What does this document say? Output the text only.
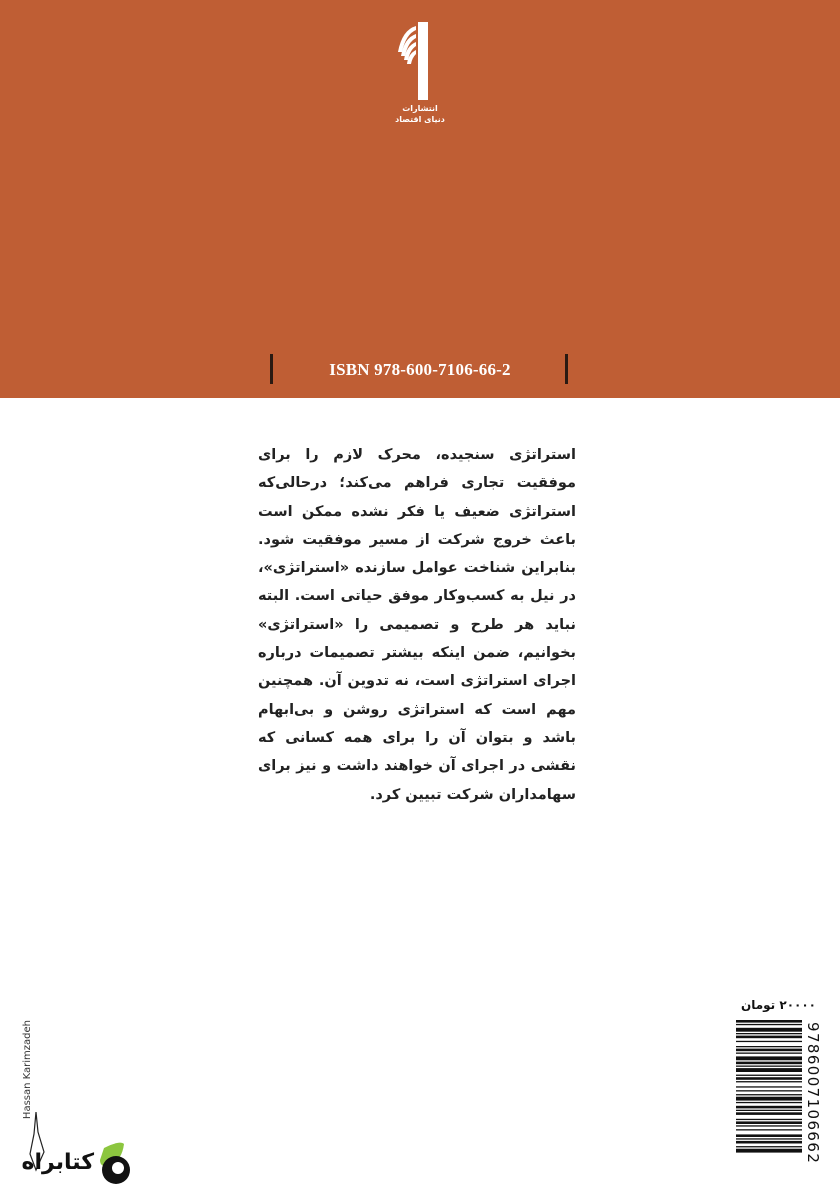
انتشارات
دنیای اقتصاد
ISBN 978-600-7106-66-2
استراتژی سنجیده، محرک لازم را برای موفقیت تجاری فراهم می‌کند؛ درحالی‌که استراتژی ضعیف یا فکر نشده ممکن است باعث خروج شرکت از مسیر موفقیت شود. بنابراین شناخت عوامل سازنده «استراتژی»، در نیل به کسب‌وکار موفق حیاتی است. البته نباید هر طرح و تصمیمی را «استراتژی» بخوانیم، ضمن اینکه بیشتر تصمیمات درباره اجرای استراتژی است، نه تدوین آن. همچنین مهم است که استراتژی روشن و بی‌ابهام باشد و بتوان آن را برای همه کسانی که نقشی در اجرای آن خواهند داشت و نیز برای سهامداران شرکت تبیین کرد.
۲۰۰۰۰ تومان
9786007106662
Hassan Karimzadeh
کتابراه
